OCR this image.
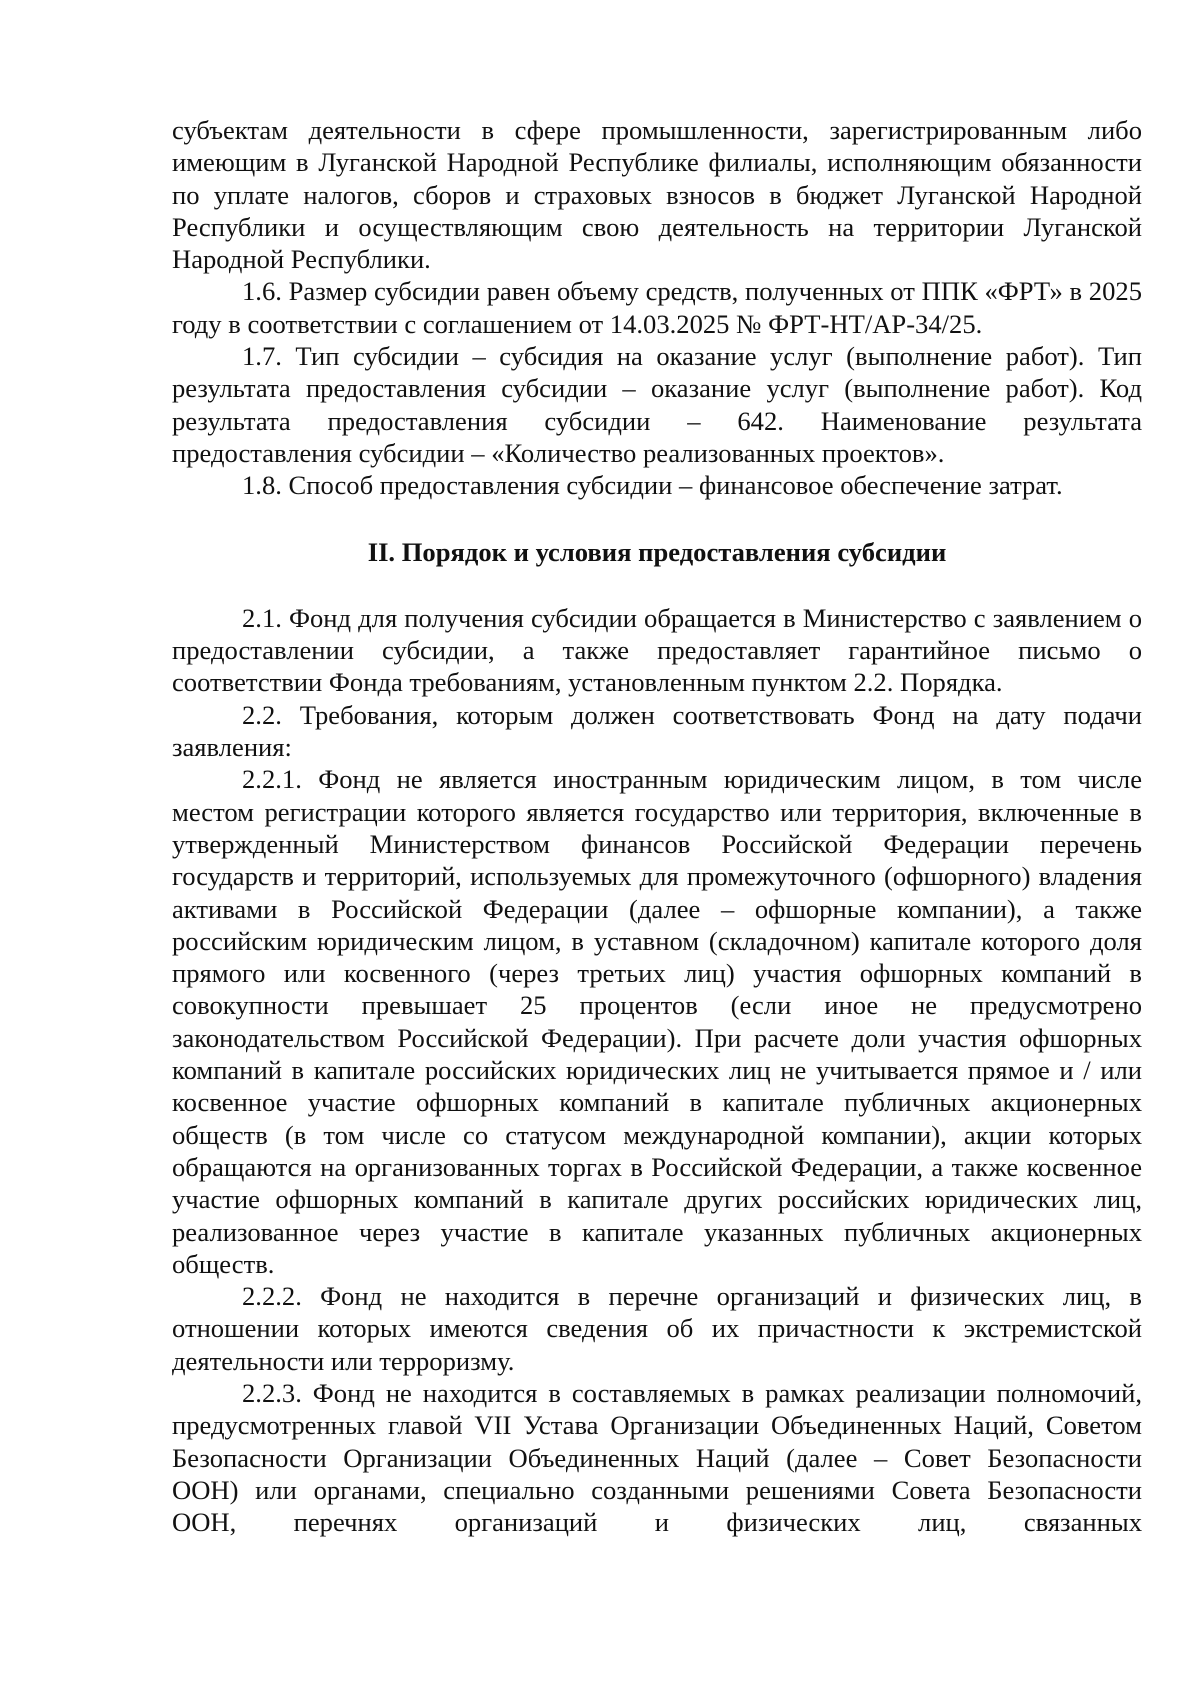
субъектам деятельности в сфере промышленности, зарегистрированным либо имеющим в Луганской Народной Республике филиалы, исполняющим обязанности по уплате налогов, сборов и страховых взносов в бюджет Луганской Народной Республики и осуществляющим свою деятельность на территории Луганской Народной Республики.

1.6. Размер субсидии равен объему средств, полученных от ППК «ФРТ» в 2025 году в соответствии с соглашением от 14.03.2025 № ФРТ-НТ/АР-34/25.

1.7. Тип субсидии – субсидия на оказание услуг (выполнение работ). Тип результата предоставления субсидии – оказание услуг (выполнение работ). Код результата предоставления субсидии – 642. Наименование результата предоставления субсидии – «Количество реализованных проектов».

1.8. Способ предоставления субсидии – финансовое обеспечение затрат.

II. Порядок и условия предоставления субсидии

2.1. Фонд для получения субсидии обращается в Министерство с заявлением о предоставлении субсидии, а также предоставляет гарантийное письмо о соответствии Фонда требованиям, установленным пунктом 2.2. Порядка.

2.2. Требования, которым должен соответствовать Фонд на дату подачи заявления:

2.2.1. Фонд не является иностранным юридическим лицом, в том числе местом регистрации которого является государство или территория, включенные в утвержденный Министерством финансов Российской Федерации перечень государств и территорий, используемых для промежуточного (офшорного) владения активами в Российской Федерации (далее – офшорные компании), а также российским юридическим лицом, в уставном (складочном) капитале которого доля прямого или косвенного (через третьих лиц) участия офшорных компаний в совокупности превышает 25 процентов (если иное не предусмотрено законодательством Российской Федерации). При расчете доли участия офшорных компаний в капитале российских юридических лиц не учитывается прямое и / или косвенное участие офшорных компаний в капитале публичных акционерных обществ (в том числе со статусом международной компании), акции которых обращаются на организованных торгах в Российской Федерации, а также косвенное участие офшорных компаний в капитале других российских юридических лиц, реализованное через участие в капитале указанных публичных акционерных обществ.

2.2.2. Фонд не находится в перечне организаций и физических лиц, в отношении которых имеются сведения об их причастности к экстремистской деятельности или терроризму.

2.2.3. Фонд не находится в составляемых в рамках реализации полномочий, предусмотренных главой VII Устава Организации Объединенных Наций, Советом Безопасности Организации Объединенных Наций (далее – Совет Безопасности ООН) или органами, специально созданными решениями Совета Безопасности ООН, перечнях организаций и физических лиц, связанных
